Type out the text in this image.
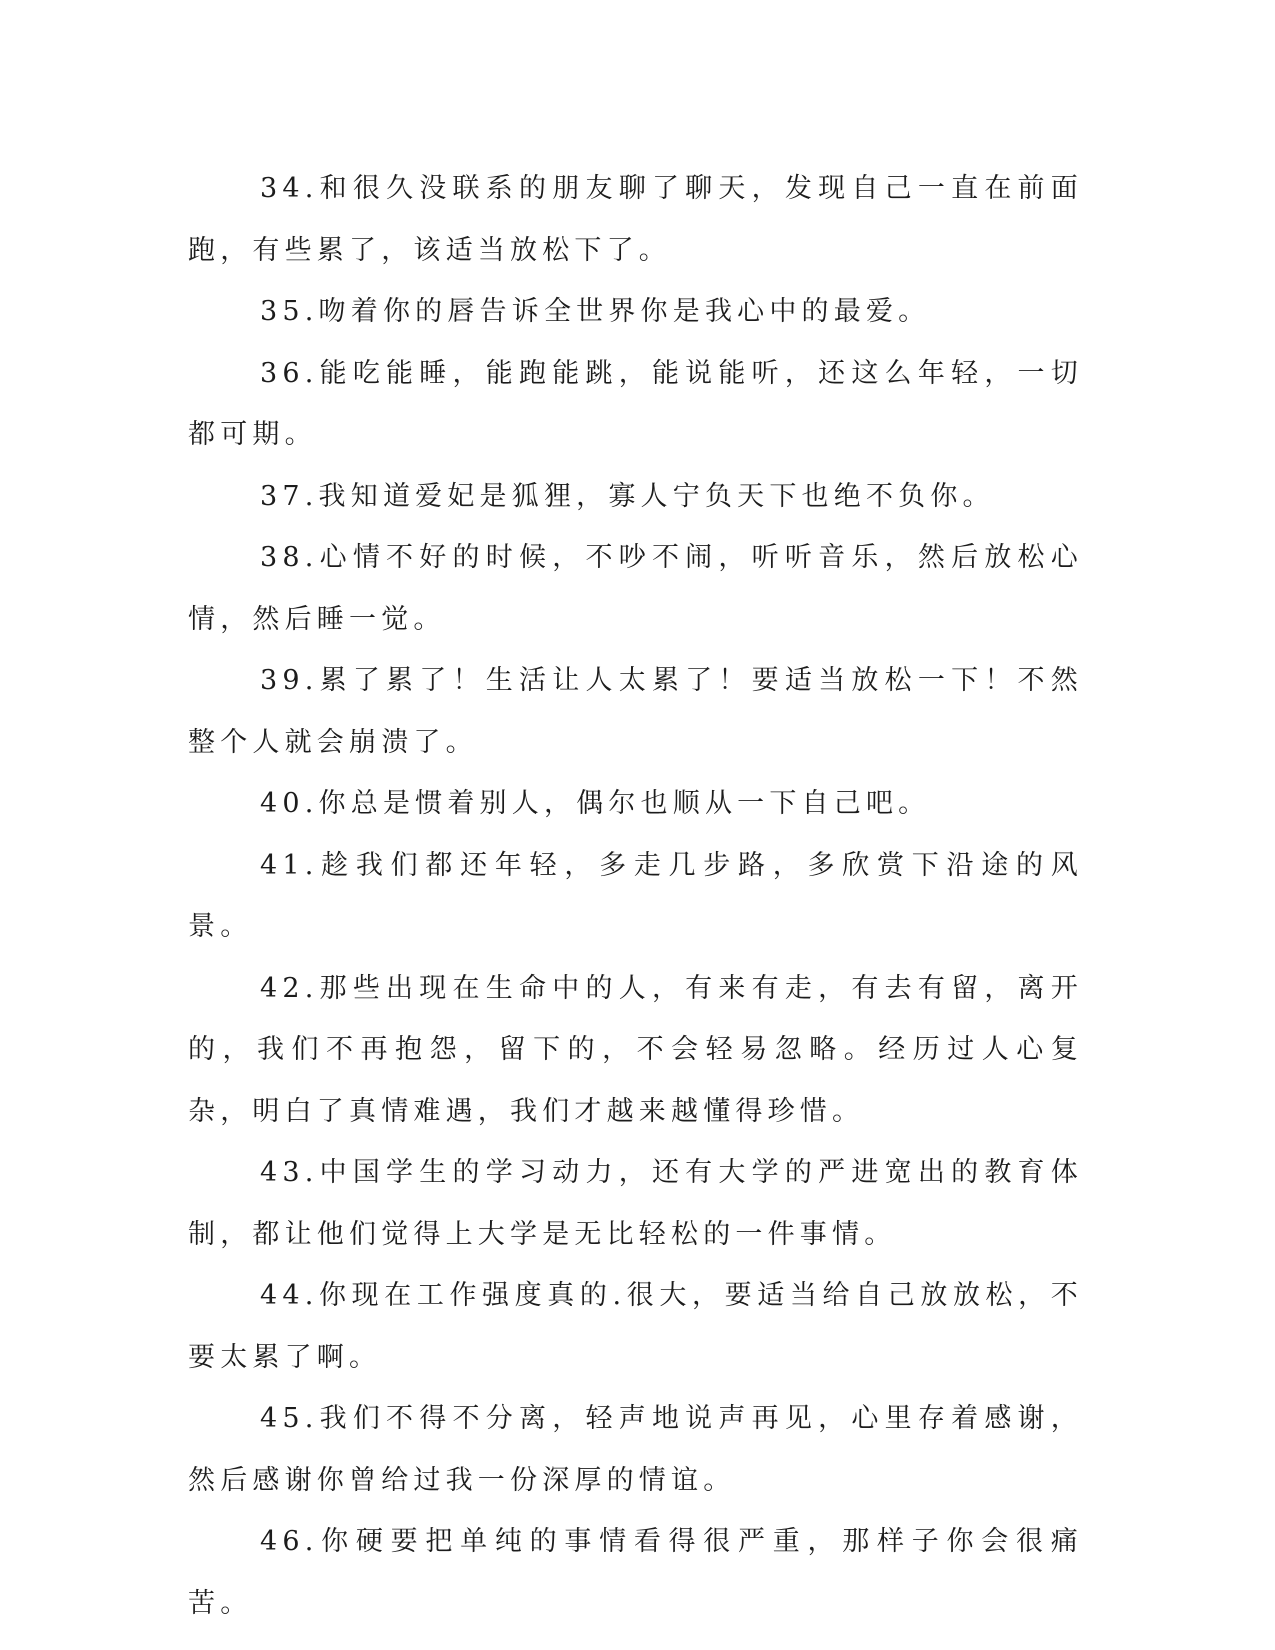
34.和很久没联系的朋友聊了聊天，发现自己一直在前面跑，有些累了，该适当放松下了。

35.吻着你的唇告诉全世界你是我心中的最爱。

36.能吃能睡，能跑能跳，能说能听，还这么年轻，一切都可期。

37.我知道爱妃是狐狸，寡人宁负天下也绝不负你。

38.心情不好的时候，不吵不闹，听听音乐，然后放松心情，然后睡一觉。

39.累了累了！生活让人太累了！要适当放松一下！不然整个人就会崩溃了。

40.你总是惯着别人，偶尔也顺从一下自己吧。

41.趁我们都还年轻，多走几步路，多欣赏下沿途的风景。

42.那些出现在生命中的人，有来有走，有去有留，离开的，我们不再抱怨，留下的，不会轻易忽略。经历过人心复杂，明白了真情难遇，我们才越来越懂得珍惜。

43.中国学生的学习动力，还有大学的严进宽出的教育体制，都让他们觉得上大学是无比轻松的一件事情。

44.你现在工作强度真的.很大，要适当给自己放放松，不要太累了啊。

45.我们不得不分离，轻声地说声再见，心里存着感谢，然后感谢你曾给过我一份深厚的情谊。

46.你硬要把单纯的事情看得很严重，那样子你会很痛苦。
